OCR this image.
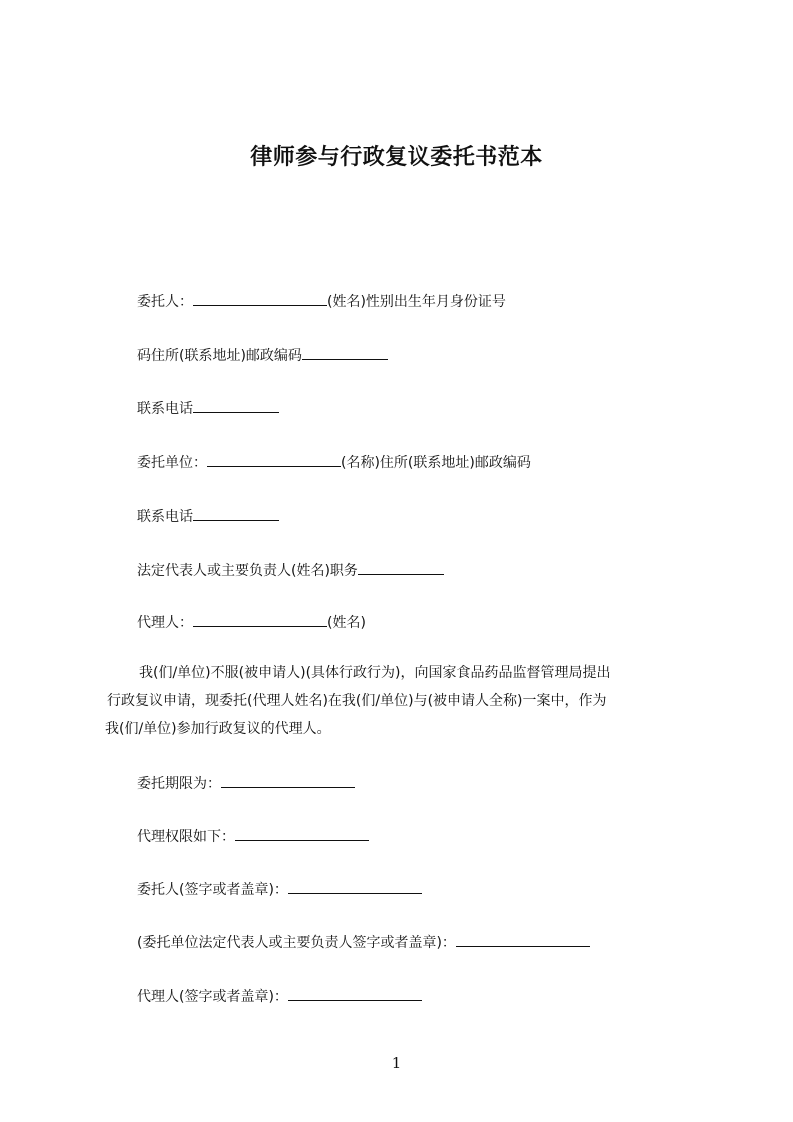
律师参与行政复议委托书范本
委托人：	(姓名)性别出生年月身份证号
码住所(联系地址)邮政编码
联系电话
委托单位：	(名称)住所(联系地址)邮政编码
联系电话
法定代表人或主要负责人(姓名)职务
代理人：	(姓名)
我(们/单位)不服(被申请人)(具体行政行为)，向国家食品药品监督管理局提出
行政复议申请，现委托(代理人姓名)在我(们/单位)与(被申请人全称)一案中，作为
我(们/单位)参加行政复议的代理人。
委托期限为：
代理权限如下：
委托人(签字或者盖章)：
(委托单位法定代表人或主要负责人签字或者盖章)：
代理人(签字或者盖章)：
1
